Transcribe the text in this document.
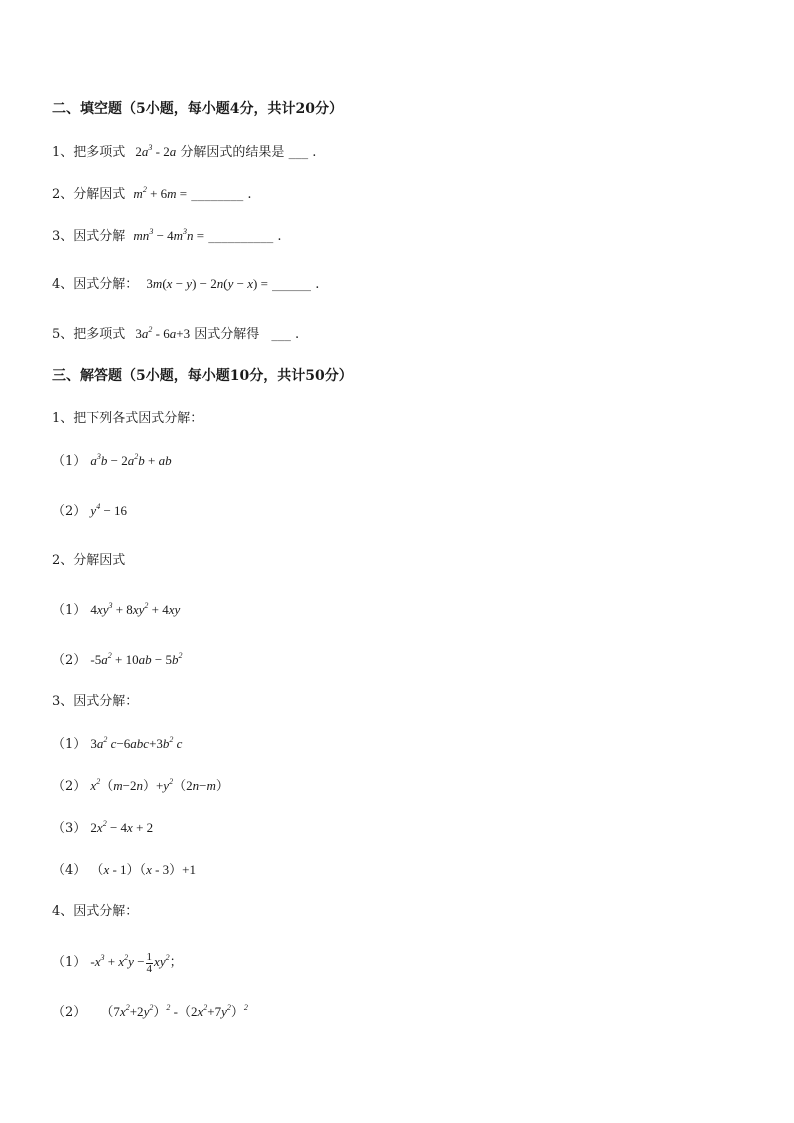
二、填空题（5小题，每小题4分，共计20分）
1、把多项式 $2a^3 - 2a$ 分解因式的结果是 ___ .
2、分解因式 $m^2 + 6m$ = ________ .
3、因式分解 $mn^3 - 4m^3n$ = __________ .
4、因式分解： 3m(x − y) − 2n(y − x) = ______ .
5、把多项式 $3a^2 - 6a+3$ 因式分解得 ___ .
三、解答题（5小题，每小题10分，共计50分）
1、把下列各式因式分解：
（1） $a^3b - 2a^2b$ + ab
（2） $y^4 - 16$
2、分解因式
（1） $4xy^3 + 8xy^2 + 4xy$
（2） $-5a^2 + 10ab - 5b^2$
3、因式分解：
（1） $3a^2$ $c-6abc+3b^2$ c
（2） $x^2(m-2n)+y^2(2n-m)$
（3） $2x^2 - 4x + 2$
（4） （x - 1）（x - 3）+1
4、因式分解：
（1） $-x^3 + x^2y - \frac{1}{4} xy^2$；
（2） $(7x^2+2y^2)^2$ $-(2x^2+7y^2)^2$
